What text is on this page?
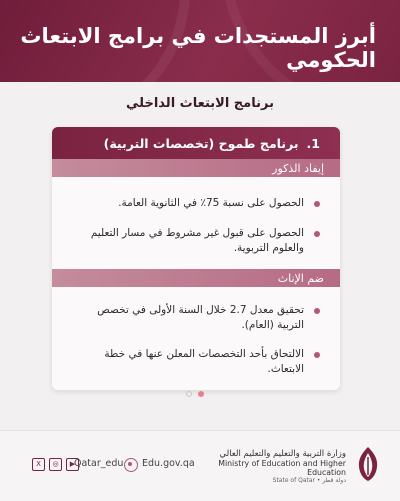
أبرز المستجدات في برامج الابتعاث الحكومي
برنامج الابتعاث الداخلي
1.
برنامج طموح (تخصصات التربية)
إيفاد الذكور
الحصول على نسبة 75٪ في الثانوية العامة.
الحصول على قبول غير مشروط في مسار التعليم والعلوم التربوية.
ضم الإناث
تحقيق معدل 2.7 خلال السنة الأولى في تخصص التربية (العام).
الالتحاق بأحد التخصصات المعلن عنها في خطة الابتعاث.
X	◎	▶
Qatar_edu Edu.gov.qa
وزارة التربية والتعليم والتعليم العالي
Ministry of Education and Higher Education
State of Qatar • دولة قطر
